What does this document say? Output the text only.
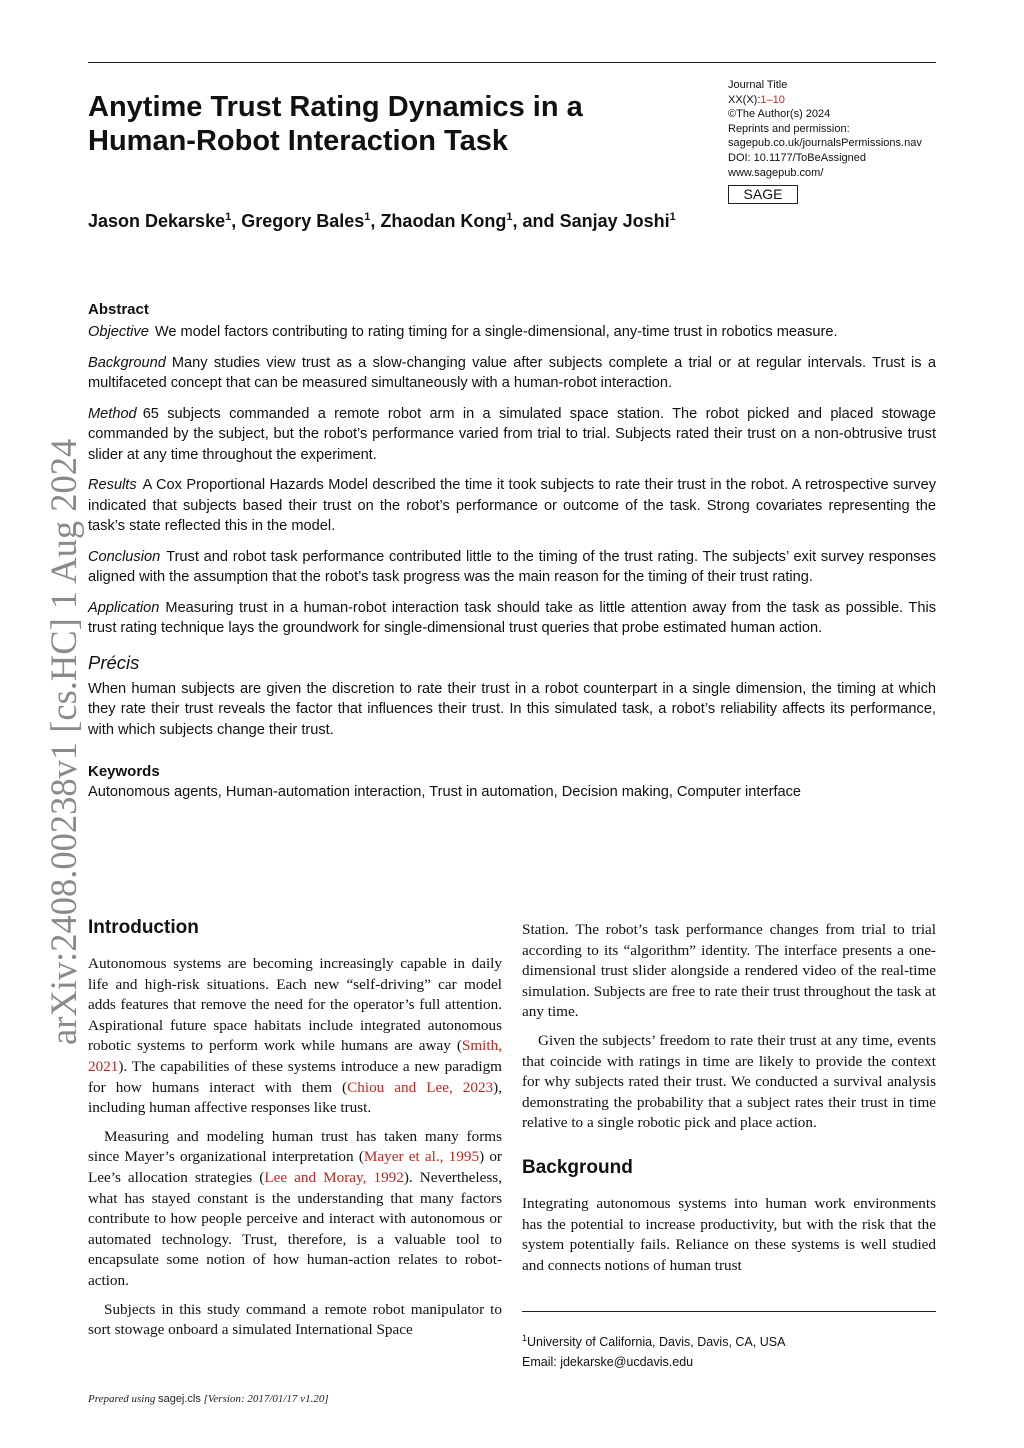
Anytime Trust Rating Dynamics in a
Human-Robot Interaction Task
Journal Title
XX(X):1–10
©The Author(s) 2024
Reprints and permission:
sagepub.co.uk/journalsPermissions.nav
DOI: 10.1177/ToBeAssigned
www.sagepub.com/
SAGE
Jason Dekarske$^1$, Gregory Bales$^1$, Zhaodan Kong$^1$, and Sanjay Joshi$^1$
arXiv:2408.00238v1 [cs.HC] 1 Aug 2024
Abstract

Objective We model factors contributing to rating timing for a single-dimensional, any-time trust in robotics measure.

Background Many studies view trust as a slow-changing value after subjects complete a trial or at regular intervals. Trust is a multifaceted concept that can be measured simultaneously with a human-robot interaction.

Method 65 subjects commanded a remote robot arm in a simulated space station. The robot picked and placed stowage commanded by the subject, but the robot’s performance varied from trial to trial. Subjects rated their trust on a non-obtrusive trust slider at any time throughout the experiment.

Results A Cox Proportional Hazards Model described the time it took subjects to rate their trust in the robot. A retrospective survey indicated that subjects based their trust on the robot’s performance or outcome of the task. Strong covariates representing the task’s state reflected this in the model.

Conclusion Trust and robot task performance contributed little to the timing of the trust rating. The subjects’ exit survey responses aligned with the assumption that the robot’s task progress was the main reason for the timing of their trust rating.

Application Measuring trust in a human-robot interaction task should take as little attention away from the task as possible. This trust rating technique lays the groundwork for single-dimensional trust queries that probe estimated human action.

Précis

When human subjects are given the discretion to rate their trust in a robot counterpart in a single dimension, the timing at which they rate their trust reveals the factor that influences their trust. In this simulated task, a robot’s reliability affects its performance, with which subjects change their trust.

Keywords

Autonomous agents, Human-automation interaction, Trust in automation, Decision making, Computer interface

Introduction

Autonomous systems are becoming increasingly capable in daily life and high-risk situations. Each new “self-driving” car model adds features that remove the need for the operator’s full attention. Aspirational future space habitats include integrated autonomous robotic systems to perform work while humans are away (Smith, 2021). The capabilities of these systems introduce a new paradigm for how humans interact with them (Chiou and Lee, 2023), including human affective responses like trust.

Measuring and modeling human trust has taken many forms since Mayer’s organizational interpretation (Mayer et al., 1995) or Lee’s allocation strategies (Lee and Moray, 1992). Nevertheless, what has stayed constant is the understanding that many factors contribute to how people perceive and interact with autonomous or automated technology. Trust, therefore, is a valuable tool to encapsulate some notion of how human-action relates to robot-action.

Subjects in this study command a remote robot manipulator to sort stowage onboard a simulated International Space

Station. The robot’s task performance changes from trial to trial according to its “algorithm” identity. The interface presents a one-dimensional trust slider alongside a rendered video of the real-time simulation. Subjects are free to rate their trust throughout the task at any time.

Given the subjects’ freedom to rate their trust at any time, events that coincide with ratings in time are likely to provide the context for why subjects rated their trust. We conducted a survival analysis demonstrating the probability that a subject rates their trust in time relative to a single robotic pick and place action.

Background

Integrating autonomous systems into human work environments has the potential to increase productivity, but with the risk that the system potentially fails. Reliance on these systems is well studied and connects notions of human trust

$^1$University of California, Davis, Davis, CA, USA
Email: jdekarske@ucdavis.edu
Prepared using sagej.cls [Version: 2017/01/17 v1.20]
